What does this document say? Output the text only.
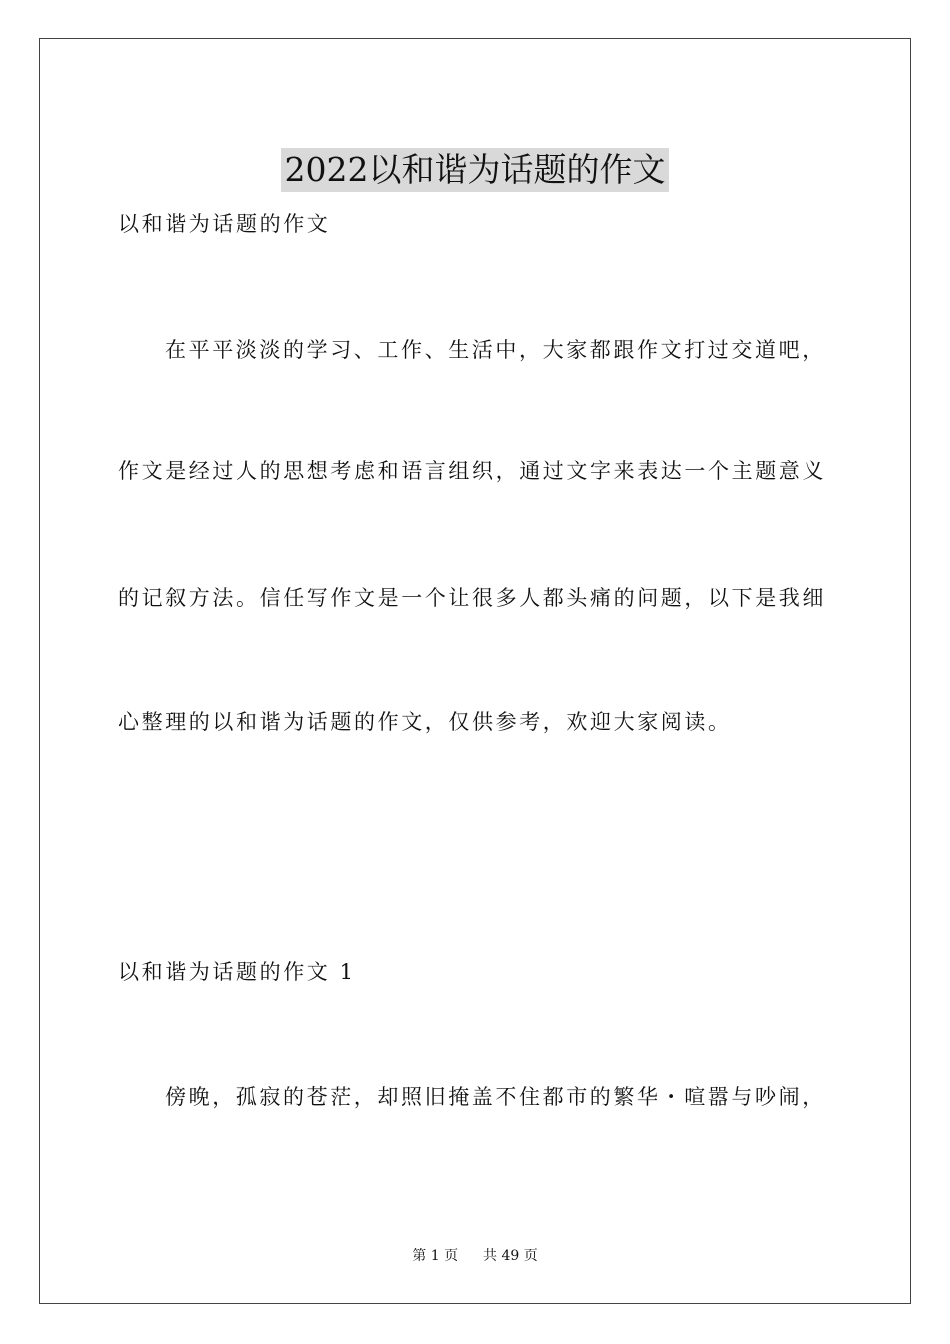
2022以和谐为话题的作文
以和谐为话题的作文
在平平淡淡的学习、工作、生活中，大家都跟作文打过交道吧，
作文是经过人的思想考虑和语言组织，通过文字来表达一个主题意义
的记叙方法。信任写作文是一个让很多人都头痛的问题，以下是我细
心整理的以和谐为话题的作文，仅供参考，欢迎大家阅读。
以和谐为话题的作文 1
傍晚，孤寂的苍茫，却照旧掩盖不住都市的繁华・喧嚣与吵闹，
第 1 页 共 49 页
